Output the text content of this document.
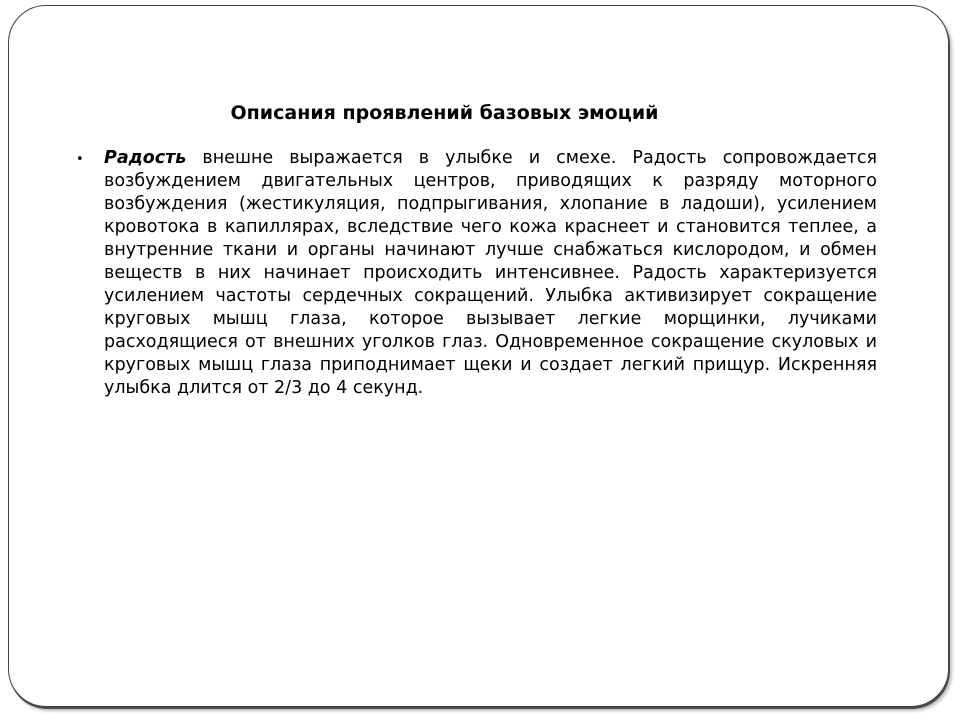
Описания проявлений базовых эмоций
•	Радость внешне выражается в улыбке и смехе. Радость сопровождается возбуждением двигательных центров, приводящих к разряду моторного возбуждения (жестикуляция, подпрыгивания, хлопание в ладоши), усилением кровотока в капиллярах, вследствие чего кожа краснеет и становится теплее, а внутренние ткани и органы начинают лучше снабжаться кислородом, и обмен веществ в них начинает происходить интенсивнее. Радость характеризуется усилением частоты сердечных сокращений. Улыбка активизирует сокращение круговых мышц глаза, которое вызывает легкие морщинки, лучиками расходящиеся от внешних уголков глаз. Одновременное сокращение скуловых и круговых мышц глаза приподнимает щеки и создает легкий прищур. Искренняя улыбка длится от 2/3 до 4 секунд.
